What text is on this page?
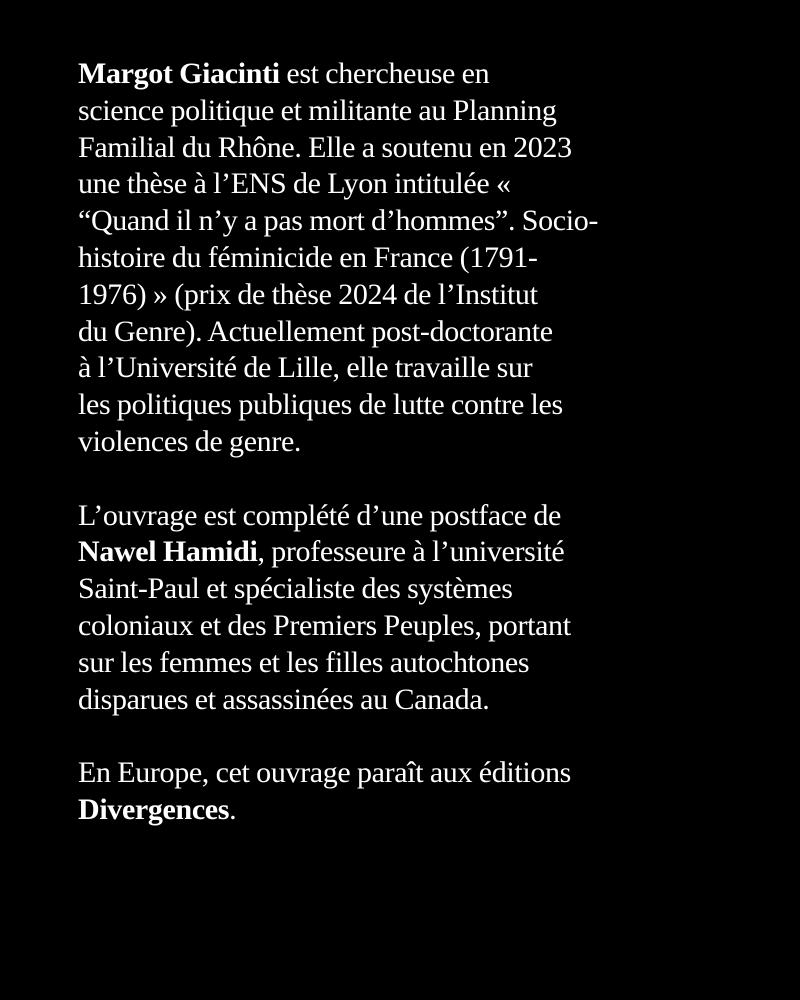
Margot Giacinti est chercheuse en
science politique et militante au Planning
Familial du Rhône. Elle a soutenu en 2023
une thèse à l’ENS de Lyon intitulée «
“Quand il n’y a pas mort d’hommes”. Socio-
histoire du féminicide en France (1791-
1976) » (prix de thèse 2024 de l’Institut
du Genre). Actuellement post-doctorante
à l’Université de Lille, elle travaille sur
les politiques publiques de lutte contre les
violences de genre.

L’ouvrage est complété d’une postface de
Nawel Hamidi, professeure à l’université
Saint-Paul et spécialiste des systèmes
coloniaux et des Premiers Peuples, portant
sur les femmes et les filles autochtones
disparues et assassinées au Canada.

En Europe, cet ouvrage paraît aux éditions
Divergences.
